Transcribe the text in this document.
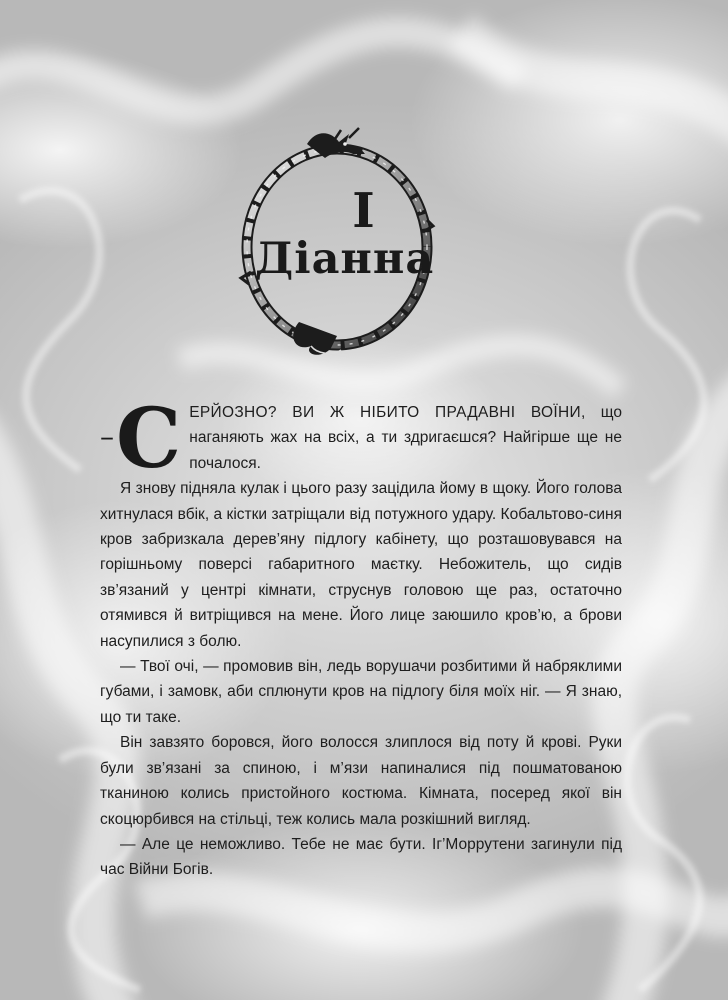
I
Діанна

– С ЕРЙОЗНО? ВИ Ж НІБИТО ПРАДАВНІ ВОЇНИ, що наганяють жах на всіх, а ти здригаєшся? Найгірше ще не почалося.

Я знову підняла кулак і цього разу зацідила йому в щоку. Його голова хитнулася вбік, а кістки затріщали від потужного удару. Кобальтово-синя кров забризкала дерев’яну підлогу кабінету, що розташовувався на горішньому поверсі габаритного маєтку. Небожитель, що сидів зв’язаний у центрі кімнати, струснув головою ще раз, остаточно отямився й витріщився на мене. Його лице заюшило кров’ю, а брови насупилися з болю.

— Твої очі, — промовив він, ледь ворушачи розбитими й набряклими губами, і замовк, аби сплюнути кров на підлогу біля моїх ніг. — Я знаю, що ти таке.

Він завзято боровся, його волосся злиплося від поту й крові. Руки були зв’язані за спиною, і м’язи напиналися під пошматованою тканиною колись пристойного костюма. Кімната, посеред якої він скоцюрбився на стільці, теж колись мала розкішний вигляд.

— Але це неможливо. Тебе не має бути. Іг’Моррутени загинули під час Війни Богів.
